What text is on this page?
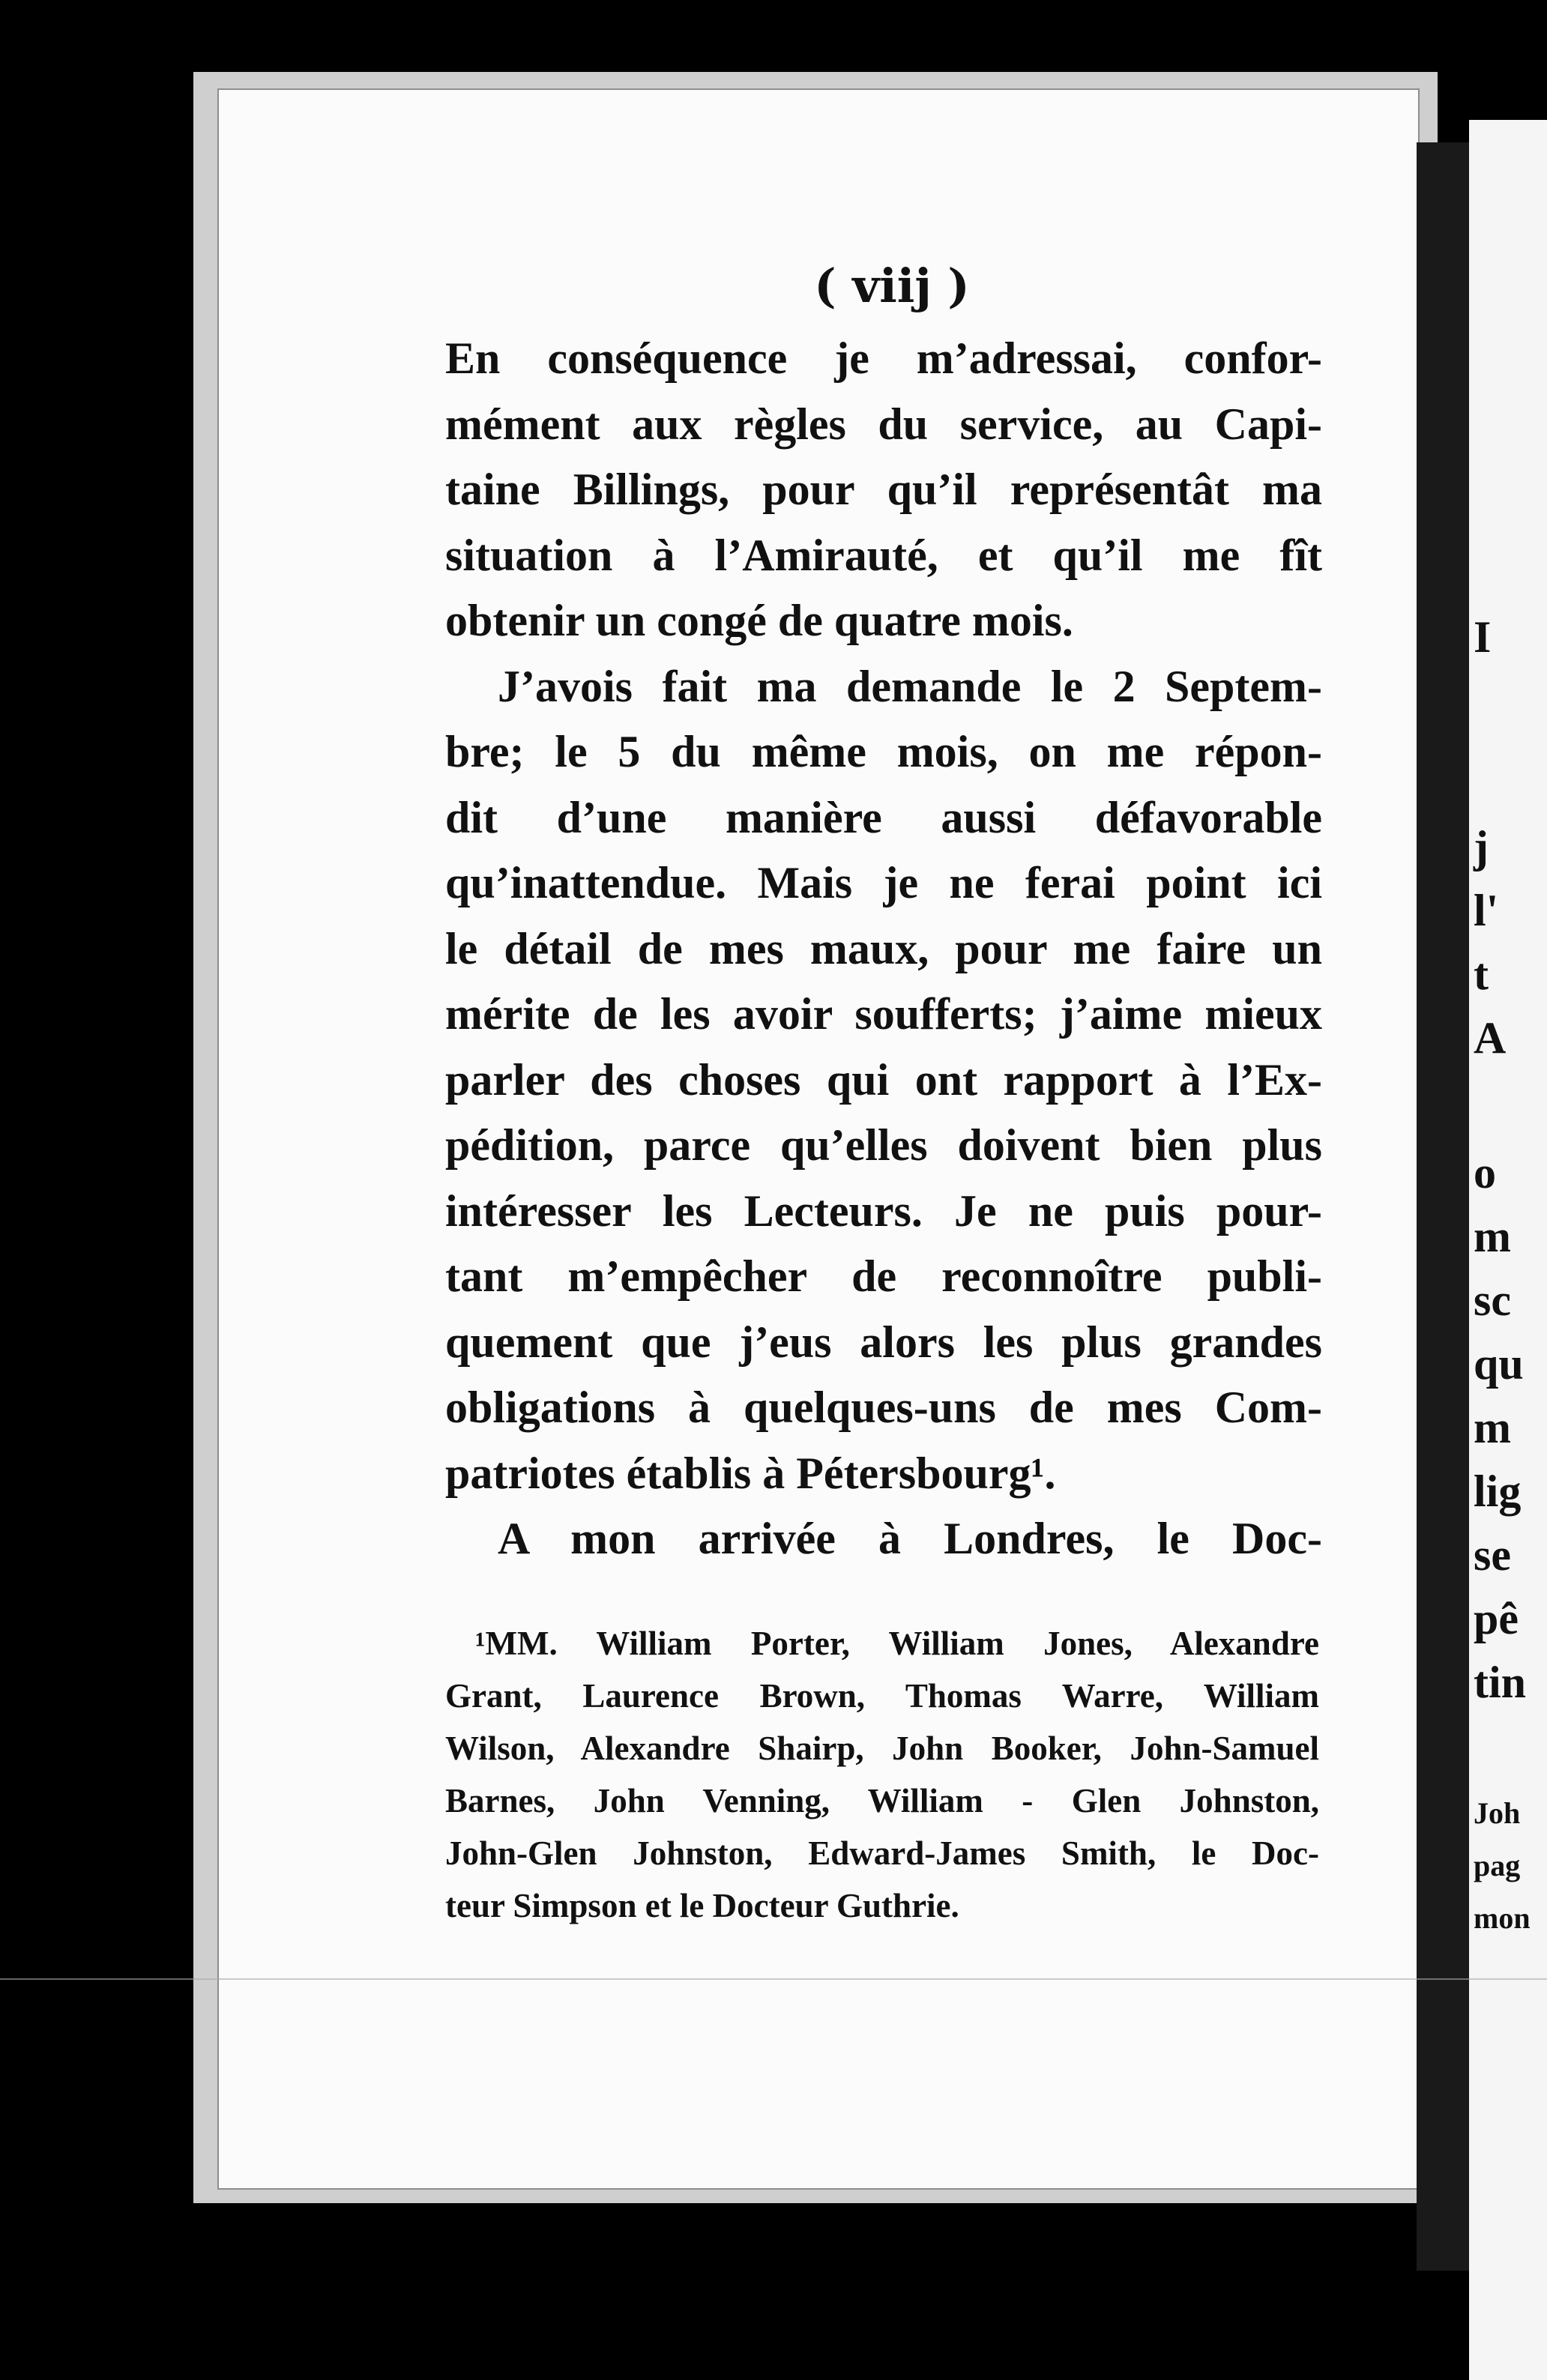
( viij )
En conséquence je m’adressai, confor-
mément aux règles du service, au Capi-
taine Billings, pour qu’il représentât ma
situation à l’Amirauté, et qu’il me fît
obtenir un congé de quatre mois.
J’avois fait ma demande le 2 Septem-
bre; le 5 du même mois, on me répon-
dit d’une manière aussi défavorable
qu’inattendue. Mais je ne ferai point ici
le détail de mes maux, pour me faire un
mérite de les avoir soufferts; j’aime mieux
parler des choses qui ont rapport à l’Ex-
pédition, parce qu’elles doivent bien plus
intéresser les Lecteurs. Je ne puis pour-
tant m’empêcher de reconnoître publi-
quement que j’eus alors les plus grandes
obligations à quelques-uns de mes Com-
patriotes établis à Pétersbourg¹.
A mon arrivée à Londres, le Doc-
¹MM. William Porter, William Jones, Alexandre
Grant, Laurence Brown, Thomas Warre, William
Wilson, Alexandre Shairp, John Booker, John-Samuel
Barnes, John Venning, William - Glen Johnston,
John-Glen Johnston, Edward-James Smith, le Doc-
teur Simpson et le Docteur Guthrie.
I
j
l'
t
A
o
m
sc
qu
m
lig
se
pê
tin
Joh
pag
mon
